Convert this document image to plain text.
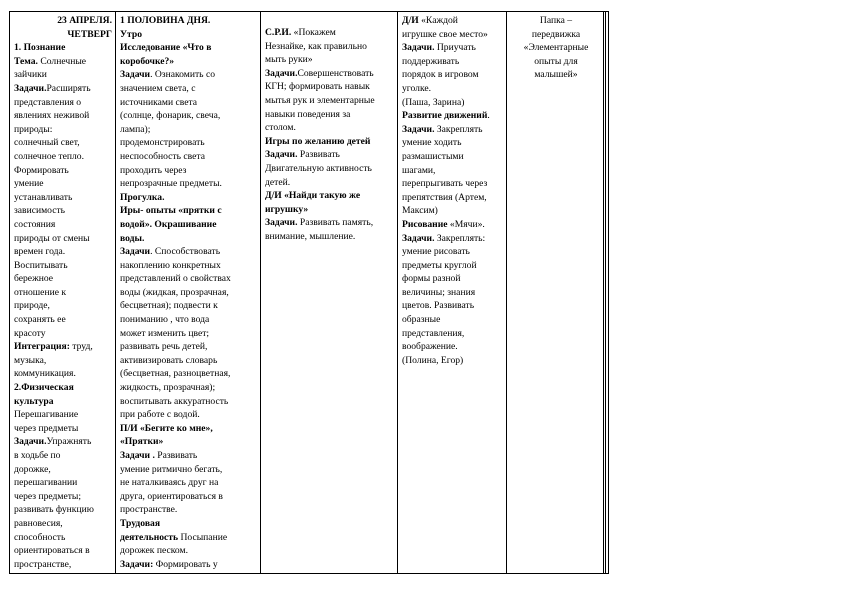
23 АПРЕЛЯ.

ЧЕТВЕРГ

1. Познание

Тема. Солнечные

зайчики

Задачи.Расширять

представления о

явлениях неживой

природы:

солнечный свет,

солнечное тепло.

Формировать

умение

устанавливать

зависимость

состояния

природы от смены

времен года.

Воспитывать

бережное

отношение к

природе,

сохранять ее

красоту

Интеграция: труд,

музыка,

коммуникация.

2.Физическая

культура

Перешагивание

через предметы

Задачи.Упражнять

в ходьбе по

дорожке,

перешагивании

через предметы;

развивать функцию

равновесия,

способность

ориентироваться в

пространстве,

1 ПОЛОВИНА ДНЯ.

Утро

Исследование «Что в

коробочке?»

Задачи. Ознакомить со

значением света, с

источниками света

(солнце, фонарик, свеча,

лампа);

продемонстрировать

неспособность света

проходить через

непрозрачные предметы.

Прогулка.

Иры- опыты «прятки с

водой». Окрашивание

воды.

Задачи. Способствовать

накоплению конкретных

представлений о свойствах

воды (жидкая, прозрачная,

бесцветная); подвести к

пониманию , что вода

может изменить цвет;

развивать речь детей,

активизировать словарь

(бесцветная, разноцветная,

жидкость, прозрачная);

воспитывать аккуратность

при работе с водой.

П/И «Бегите ко мне»,

«Прятки»

Задачи . Развивать

умение ритмично бегать,

не наталкиваясь друг на

друга, ориентироваться в

пространстве.

Трудовая

деятельность Посыпание

дорожек песком.

Задачи: Формировать у

С.Р.И. «Покажем

Незнайке, как правильно

мыть руки»

Задачи.Совершенствовать

КГН; формировать навык

мытья рук и элементарные

навыки поведения за

столом.

Игры по желанию детей

Задачи. Развивать

Двигательную активность

детей.

Д/И «Найди такую же

игрушку»

Задачи. Развивать память,

внимание, мышление.

Д/И «Каждой

игрушке свое место»

Задачи. Приучать

поддерживать

порядок в игровом

уголке.

(Паша, Зарина)

Развитие движений.

Задачи. Закреплять

умение ходить

размашистыми

шагами,

перепрыгивать через

препятствия (Артем,

Максим)

Рисование «Мячи».

Задачи. Закреплять:

умение рисовать

предметы круглой

формы разной

величины; знания

цветов. Развивать

образные

представления,

воображение.

(Полина, Егор)

Папка –

передвижка

«Элементарные

опыты для

малышей»
